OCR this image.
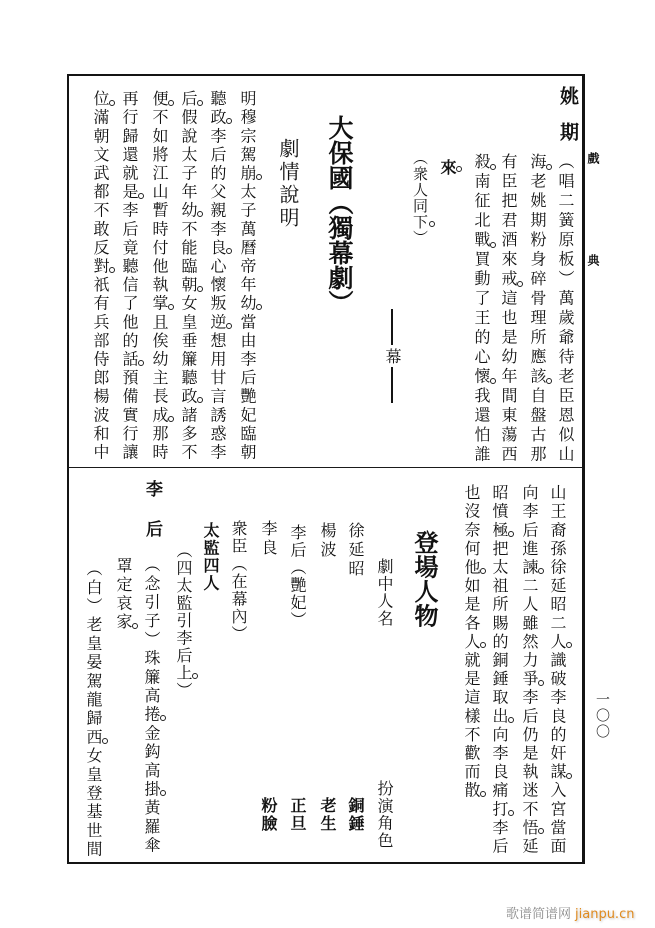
戲典
一〇〇
姚期
（唱二簧原板）萬歲爺待老臣恩似山
海老姚期粉身碎骨理所應該自盤古那
有臣把君酒來戒這也是幼年間東蕩西
殺南征北戰買動了王的心懷我還怕誰
來
（衆人同下）
幕
大保國（獨幕劇）
劇情說明
明穆宗駕崩太子萬曆帝年幼當由李后艷妃臨朝
聽政李后的父親李良心懷叛逆想用甘言誘惑李
后假說太子年幼不能臨朝女皇垂簾聽政諸多不
便不如將江山暫時付他執掌且俟幼主長成那時
再行歸還就是李后竟聽信了他的話預備實行讓
位滿朝文武都不敢反對祇有兵部侍郎楊波和中
山王裔孫徐延昭二人識破李良的奸謀入宮當面
向李后進諫二人雖然力爭李后仍是執迷不悟延
昭憤極把太祖所賜的銅錘取出向李良痛打李后
也沒奈何他如是各人就是這樣不歡而散
登場人物
劇中人名
扮演角色
徐延昭
銅錘
楊波
老生
李后（艷妃）
正旦
李良
粉臉
衆臣（在幕內）
太監四人
（四太監引李后上）
李后
（念引子）珠簾高捲金鈎高掛黃羅傘
罩定哀家
（白）老皇晏駕龍歸西女皇登基世間
歌谱简谱网 jianpu.cn
